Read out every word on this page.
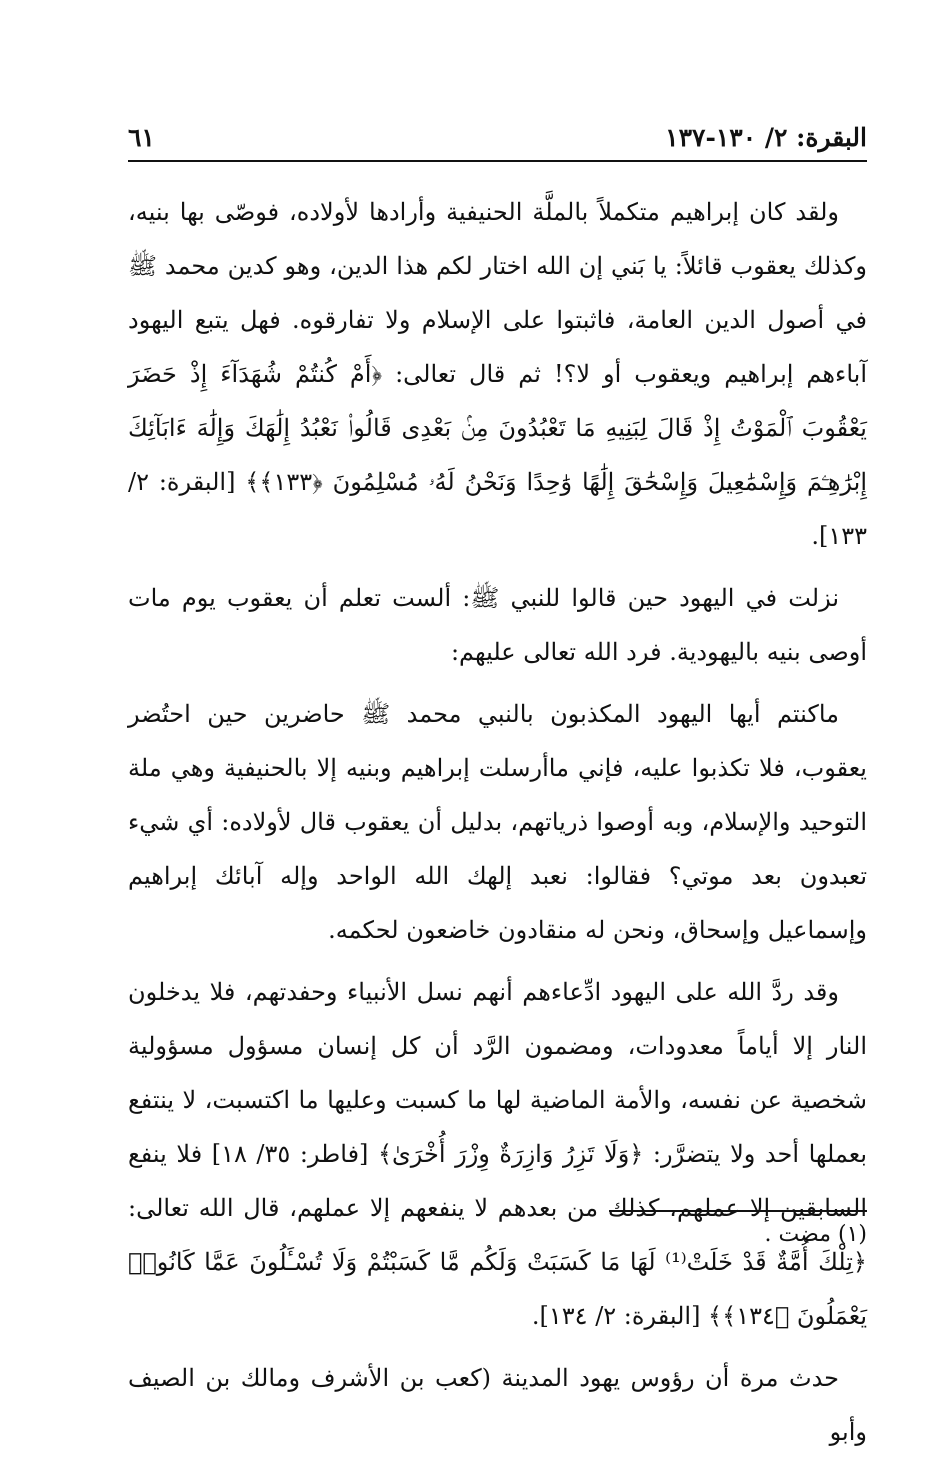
البقرة: ٢/ ١٣٠-١٣٧
٦١

ولقد كان إبراهيم متكملاً بالملَّة الحنيفية وأرادها لأولاده، فوصّى بها بنيه، وكذلك يعقوب قائلاً: يا بَني إن الله اختار لكم هذا الدين، وهو كدين محمد ﷺ في أصول الدين العامة، فاثبتوا على الإسلام ولا تفارقوه. فهل يتبع اليهود آباءهم إبراهيم ويعقوب أو لا؟! ثم قال تعالى: ﴿أَمْ كُنتُمْ شُهَدَآءَ إِذْ حَضَرَ يَعْقُوبَ ٱلْمَوْتُ إِذْ قَالَ لِبَنِيهِ مَا تَعْبُدُونَ مِنۢ بَعْدِى قَالُوا۟ نَعْبُدُ إِلَٰهَكَ وَإِلَٰهَ ءَابَآئِكَ إِبْرَٰهِـۧمَ وَإِسْمَٰعِيلَ وَإِسْحَٰقَ إِلَٰهًا وَٰحِدًا وَنَحْنُ لَهُۥ مُسْلِمُونَ ﴿١٣٣﴾﴾ [البقرة: ٢/ ١٣٣].

نزلت في اليهود حين قالوا للنبي ﷺ: ألست تعلم أن يعقوب يوم مات أوصى بنيه باليهودية. فرد الله تعالى عليهم:

ماكنتم أيها اليهود المكذبون بالنبي محمد ﷺ حاضرين حين احتُضر يعقوب، فلا تكذبوا عليه، فإني ماأرسلت إبراهيم وبنيه إلا بالحنيفية وهي ملة التوحيد والإسلام، وبه أوصوا ذرياتهم، بدليل أن يعقوب قال لأولاده: أي شيء تعبدون بعد موتي؟ فقالوا: نعبد إلهك الله الواحد وإله آبائك إبراهيم وإسماعيل وإسحاق، ونحن له منقادون خاضعون لحكمه.

وقد ردَّ الله على اليهود ادِّعاءهم أنهم نسل الأنبياء وحفدتهم، فلا يدخلون النار إلا أياماً معدودات، ومضمون الرَّد أن كل إنسان مسؤول مسؤولية شخصية عن نفسه، والأمة الماضية لها ما كسبت وعليها ما اكتسبت، لا ينتفع بعملها أحد ولا يتضرَّر: ﴿وَلَا تَزِرُ وَازِرَةٌ وِزْرَ أُخْرَىٰ﴾ [فاطر: ٣٥/ ١٨] فلا ينفع السابقين إلا عملهم، كذلك من بعدهم لا ينفعهم إلا عملهم، قال الله تعالى: ﴿تِلْكَ أُمَّةٌ قَدْ خَلَتْ⁽¹⁾ لَهَا مَا كَسَبَتْ وَلَكُم مَّا كَسَبْتُمْ وَلَا تُسْـَٔلُونَ عَمَّا كَانُوا۟ يَعْمَلُونَ ﴿١٣٤﴾﴾ [البقرة: ٢/ ١٣٤].

حدث مرة أن رؤوس يهود المدينة (كعب بن الأشرف ومالك بن الصيف وأبو

(١) مضت .
